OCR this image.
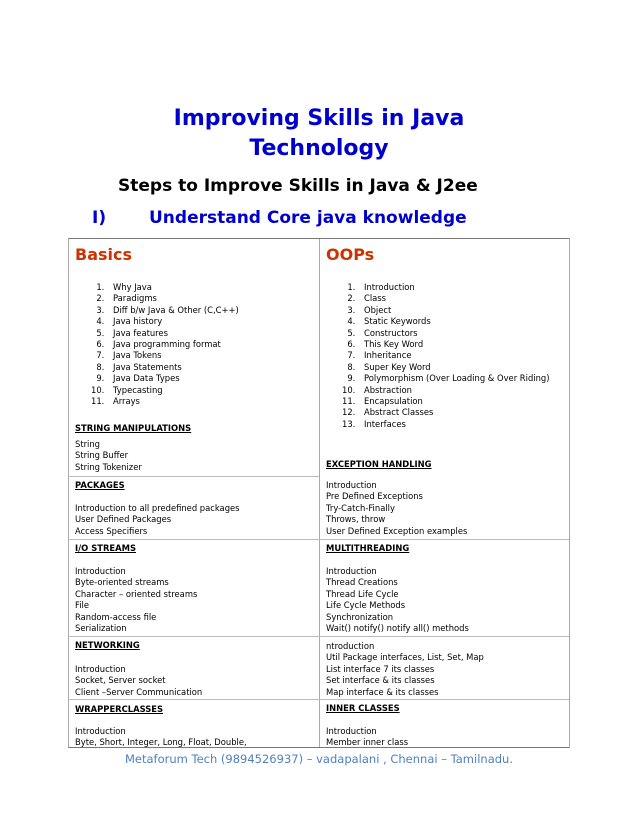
Improving Skills in Java
Technology
Steps to Improve Skills in Java & J2ee
I)	Understand Core java knowledge
Basics
1. Why Java
2. Paradigms
3. Diff b/w Java & Other (C,C++)
4. Java history
5. Java features
6. Java programming format
7. Java Tokens
8. Java Statements
9. Java Data Types
10. Typecasting
11. Arrays
STRING MANIPULATIONS
String
String Buffer
String Tokenizer
PACKAGES
Introduction to all predefined packages
User Defined Packages
Access Specifiers
I/O STREAMS
Introduction
Byte-oriented streams
Character – oriented streams
File
Random-access file
Serialization
NETWORKING
Introduction
Socket, Server socket
Client –Server Communication
WRAPPERCLASSES
Introduction
Byte, Short, Integer, Long, Float, Double,
OOPs
1. Introduction
2. Class
3. Object
4. Static Keywords
5. Constructors
6. This Key Word
7. Inheritance
8. Super Key Word
9. Polymorphism (Over Loading & Over Riding)
10. Abstraction
11. Encapsulation
12. Abstract Classes
13. Interfaces
EXCEPTION HANDLING
Introduction
Pre Defined Exceptions
Try-Catch-Finally
Throws, throw
User Defined Exception examples
MULTITHREADING
Introduction
Thread Creations
Thread Life Cycle
Life Cycle Methods
Synchronization
Wait() notify() notify all() methods
ntroduction
Util Package interfaces, List, Set, Map
List interface 7 its classes
Set interface & its classes
Map interface & its classes
INNER CLASSES
Introduction
Member inner class
Metaforum Tech (9894526937) – vadapalani , Chennai – Tamilnadu.
